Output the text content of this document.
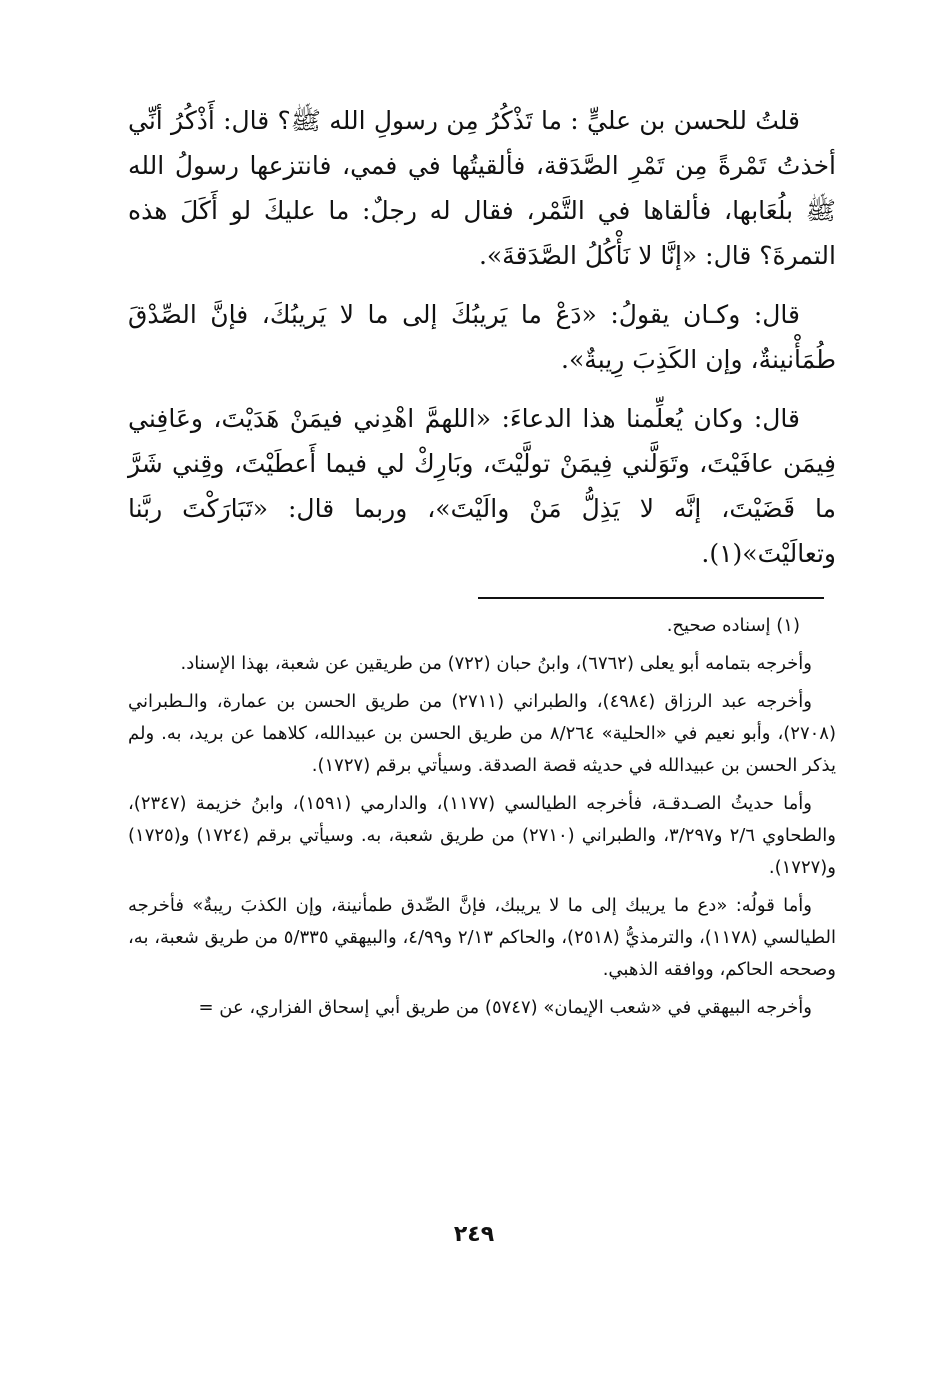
قلتُ للحسن بن عليٍّ : ما تَذْكُرُ مِن رسولِ الله ﷺ؟ قال: أَذْكُرُ أنِّي أخذتُ تَمْرةً مِن تَمْرِ الصَّدَقة، فألقيتُها في فمي، فانتزعها رسولُ الله ﷺ بلُعَابها، فألقاها في التَّمْر، فقال له رجلٌ: ما عليكَ لو أَكَلَ هذه التمرةَ؟ قال: «إنَّا لا نَأْكُلُ الصَّدَقةَ».

قال: وكـان يقولُ: «دَعْ ما يَريبُكَ إلى ما لا يَريبُكَ، فإنَّ الصِّدْقَ طُمَأْنينةٌ، وإن الكَذِبَ رِيبةٌ».

قال: وكان يُعلِّمنا هذا الدعاءَ: «اللهمَّ اهْدِني فيمَنْ هَدَيْتَ، وعَافِني فِيمَن عافَيْتَ، وتَوَلَّني فِيمَنْ تولَّيْتَ، وبَارِكْ لي فيما أَعطَيْتَ، وقِني شَرَّ ما قَضَيْتَ، إنَّه لا يَذِلُّ مَنْ والَيْتَ»، وربما قال: «تَبَارَكْتَ ربَّنا وتعالَيْتَ»(١).

(١) إسناده صحيح.

وأخرجه بتمامه أبو يعلى (٦٧٦٢)، وابنُ حبان (٧٢٢) من طريقين عن شعبة، بهذا الإسناد.

وأخرجه عبد الرزاق (٤٩٨٤)، والطبراني (٢٧١١) من طريق الحسن بن عمارة، والـطبراني (٢٧٠٨)، وأبو نعيم في «الحلية» ٨/٢٦٤ من طريق الحسن بن عبيدالله، كلاهما عن بريد، به. ولم يذكر الحسن بن عبيدالله في حديثه قصة الصدقة. وسيأتي برقم (١٧٢٧).

وأما حديثُ الصـدقـة، فأخرجه الطيالسي (١١٧٧)، والدارمي (١٥٩١)، وابنُ خزيمة (٢٣٤٧)، والطحاوي ٢/٦ و٣/٢٩٧، والطبراني (٢٧١٠) من طريق شعبة، به. وسيأتي برقم (١٧٢٤) و(١٧٢٥) و(١٧٢٧).

وأما قولُه: «دع ما يريبك إلى ما لا يريبك، فإنَّ الصِّدق طمأنينة، وإن الكذبَ ريبةٌ» فأخرجه الطيالسي (١١٧٨)، والترمذيُّ (٢٥١٨)، والحاكم ٢/١٣ و٤/٩٩، والبيهقي ٥/٣٣٥ من طريق شعبة، به، وصححه الحاكم، ووافقه الذهبي.

وأخرجه البيهقي في «شعب الإيمان» (٥٧٤٧) من طريق أبي إسحاق الفزاري، عن =

٢٤٩
